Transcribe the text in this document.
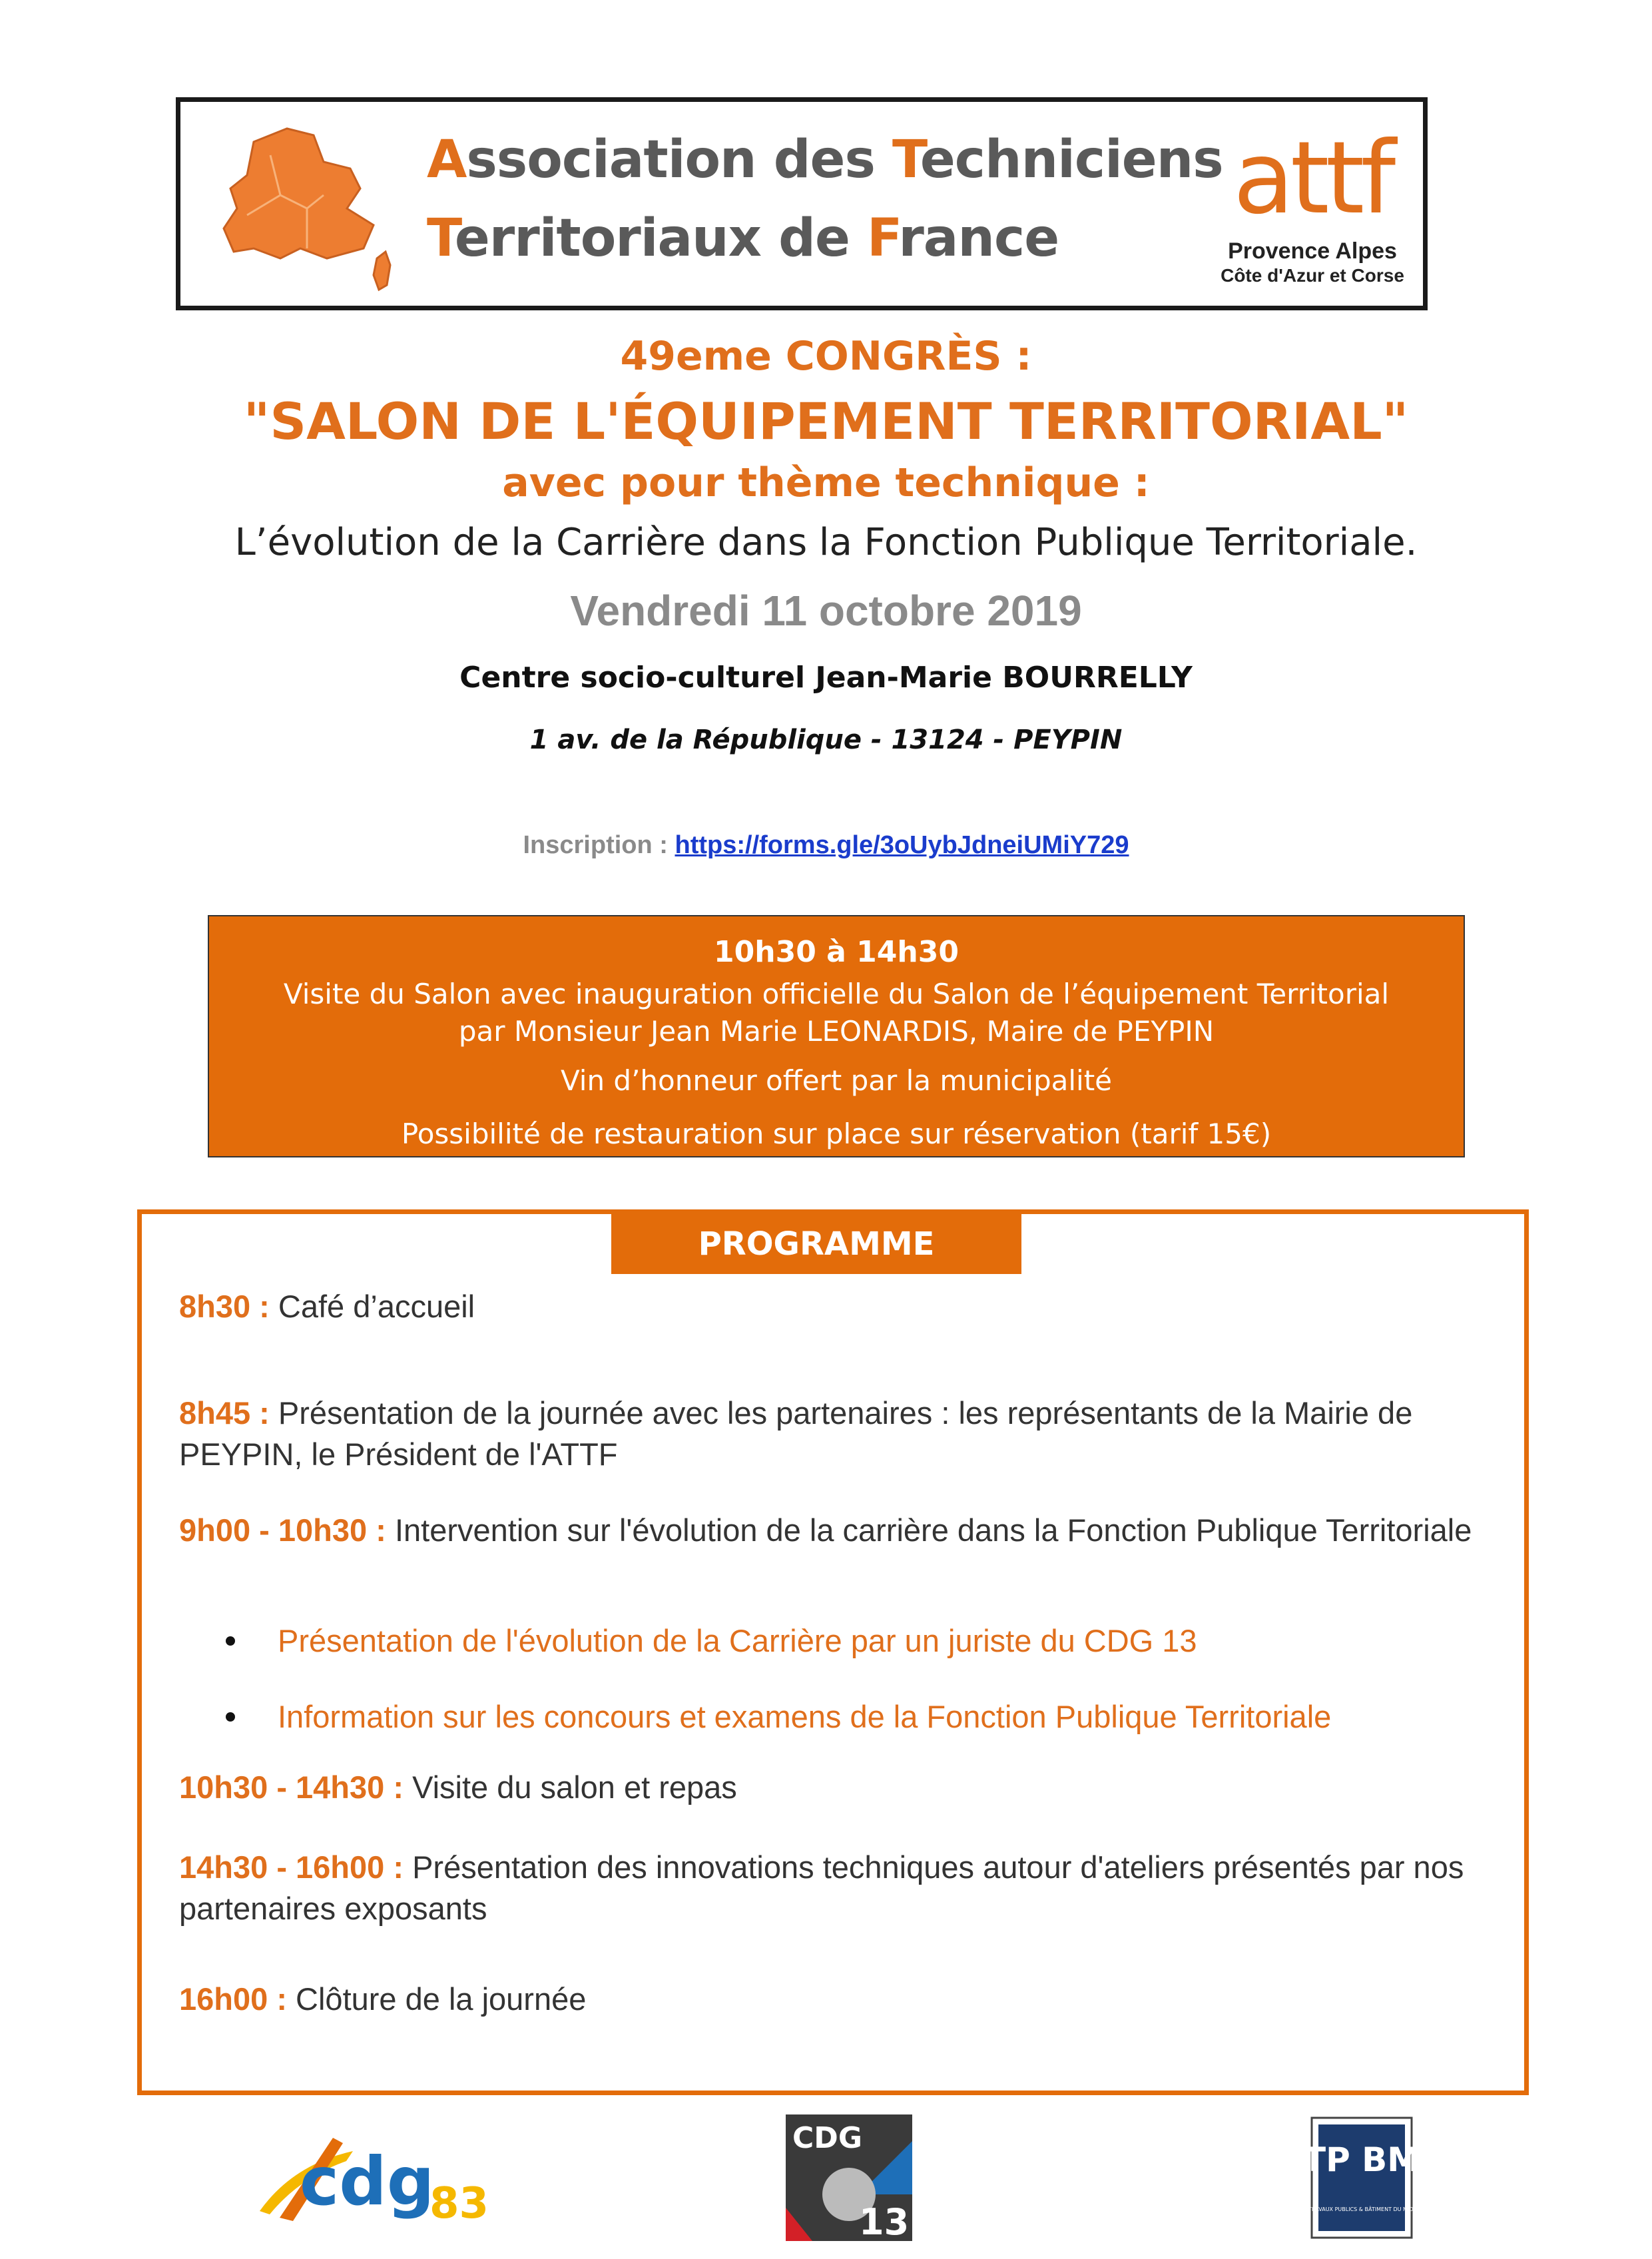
Association des Techniciens
Territoriaux de France
attf
Provence Alpes
Côte d'Azur et Corse
49eme CONGRÈS :
"SALON DE L'ÉQUIPEMENT TERRITORIAL"
avec pour thème technique :
L’évolution de la Carrière dans la Fonction Publique Territoriale.
Vendredi 11 octobre 2019
Centre socio-culturel Jean-Marie BOURRELLY
1 av. de la République - 13124 - PEYPIN
Inscription : https://forms.gle/3oUybJdneiUMiY729
10h30 à 14h30
Visite du Salon avec inauguration officielle du Salon de l’équipement Territorial
par Monsieur Jean Marie LEONARDIS, Maire de PEYPIN
Vin d’honneur offert par la municipalité
Possibilité de restauration sur place sur réservation (tarif 15€)
PROGRAMME
8h30 : Café d’accueil
8h45 : Présentation de la journée avec les partenaires : les représentants de la Mairie de PEYPIN, le Président de l'ATTF
9h00 - 10h30 : Intervention sur l'évolution de la carrière dans la Fonction Publique Territoriale
Présentation de l'évolution de la Carrière par un juriste du CDG 13
Information sur les concours et examens de la Fonction Publique Territoriale
10h30 - 14h30 : Visite du salon et repas
14h30 - 16h00 : Présentation des innovations techniques autour d'ateliers présentés par nos partenaires exposants
16h00 : Clôture de la journée
cdg
83
CDG
13
TP BM
TRAVAUX PUBLICS & BÂTIMENT DU MIDI
